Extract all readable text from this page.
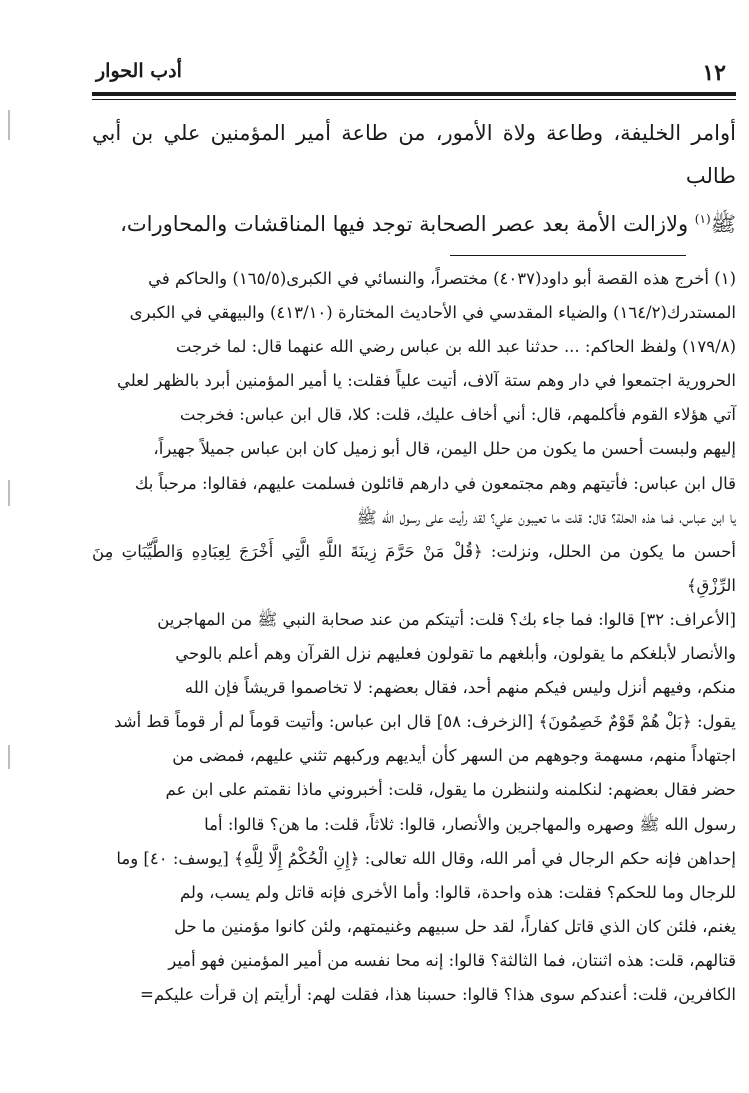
١٢
أدب الحوار

أوامر الخليفة، وطاعة ولاة الأمور، من طاعة أمير المؤمنين علي بن أبي طالب

ﷺ$^{(١)}$ ولازالت الأمة بعد عصر الصحابة توجد فيها المناقشات والمحاورات،

(١) أخرج هذه القصة أبو داود(٤٠٣٧) مختصراً، والنسائي في الكبرى(١٦٥/٥) والحاكم في

المستدرك(١٦٤/٢) والضياء المقدسي في الأحاديث المختارة (٤١٣/١٠) والبيهقي في الكبرى

(١٧٩/٨) ولفظ الحاكم: ... حدثنا عبد الله بن عباس رضي الله عنهما قال: لما خرجت

الحرورية اجتمعوا في دار وهم ستة آلاف، أتيت علياً فقلت: يا أمير المؤمنين أبرد بالظهر لعلي

آتي هؤلاء القوم فأكلمهم، قال: أني أخاف عليك، قلت: كلا، قال ابن عباس: فخرجت

إليهم ولبست أحسن ما يكون من حلل اليمن، قال أبو زميل كان ابن عباس جميلاً جهيراً،

قال ابن عباس: فأتيتهم وهم مجتمعون في دارهم قائلون فسلمت عليهم، فقالوا: مرحباً بك

يا ابن عباس، فما هذه الحلة؟ قال: قلت ما تعيبون علي؟ لقد رأيت على رسول الله ﷺ

أحسن ما يكون من الحلل، ونزلت: ﴿قُلْ مَنْ حَرَّمَ زِينَةَ اللَّهِ الَّتِي أَخْرَجَ لِعِبَادِهِ وَالطَّيِّبَاتِ مِنَ الرِّزْقِ﴾

[الأعراف: ٣٢] قالوا: فما جاء بك؟ قلت: أتيتكم من عند صحابة النبي ﷺ من المهاجرين

والأنصار لأبلغكم ما يقولون، وأبلغهم ما تقولون فعليهم نزل القرآن وهم أعلم بالوحي

منكم، وفيهم أنزل وليس فيكم منهم أحد، فقال بعضهم: لا تخاصموا قريشاً فإن الله

يقول: ﴿بَلْ هُمْ قَوْمٌ خَصِمُونَ﴾ [الزخرف: ٥٨] قال ابن عباس: وأتيت قوماً لم أر قوماً قط أشد

اجتهاداً منهم، مسهمة وجوههم من السهر كأن أيديهم وركبهم تثني عليهم، فمضى من

حضر فقال بعضهم: لنكلمنه ولننظرن ما يقول، قلت: أخبروني ماذا نقمتم على ابن عم

رسول الله ﷺ وصهره والمهاجرين والأنصار، قالوا: ثلاثاً، قلت: ما هن؟ قالوا: أما

إحداهن فإنه حكم الرجال في أمر الله، وقال الله تعالى: ﴿إِنِ الْحُكْمُ إِلَّا لِلَّهِ﴾ [يوسف: ٤٠] وما

للرجال وما للحكم؟ فقلت: هذه واحدة، قالوا: وأما الأخرى فإنه قاتل ولم يسب، ولم

يغنم، فلئن كان الذي قاتل كفاراً، لقد حل سبيهم وغنيمتهم، ولئن كانوا مؤمنين ما حل

قتالهم، قلت: هذه اثنتان، فما الثالثة؟ قالوا: إنه محا نفسه من أمير المؤمنين فهو أمير

الكافرين، قلت: أعندكم سوى هذا؟ قالوا: حسبنا هذا، فقلت لهم: أرأيتم إن قرأت عليكم=
